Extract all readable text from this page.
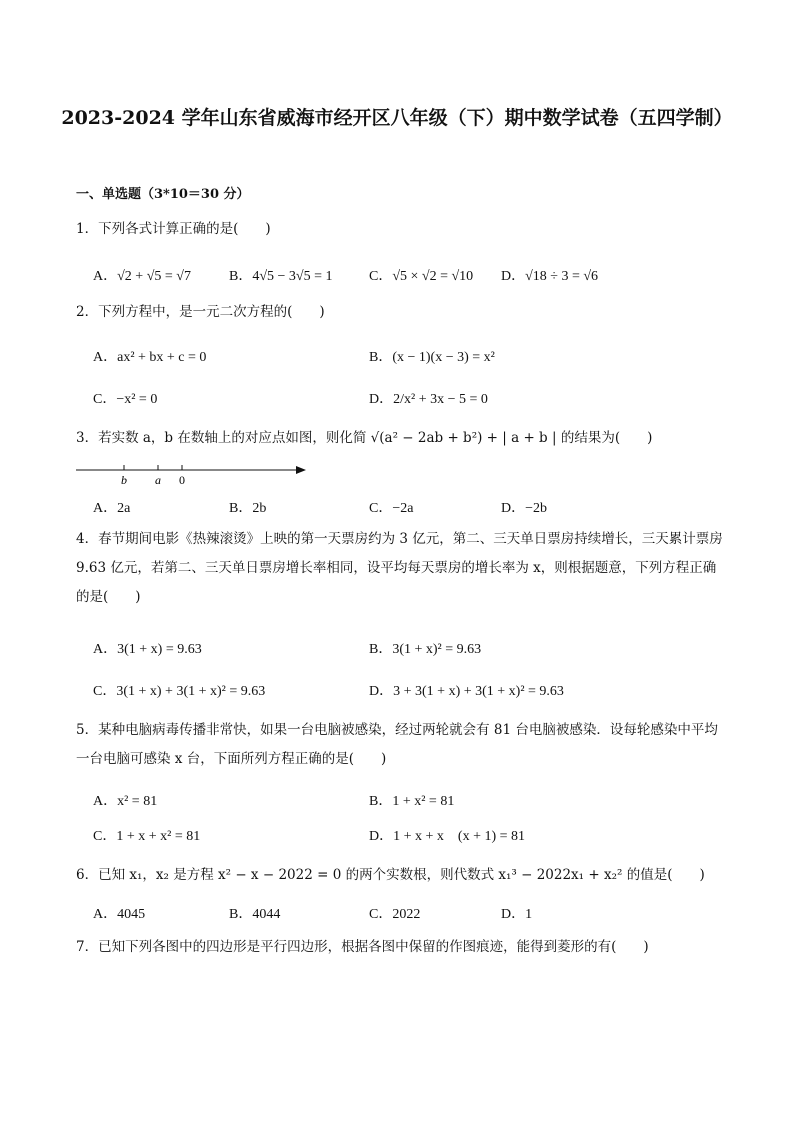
2023-2024 学年山东省威海市经开区八年级（下）期中数学试卷（五四学制）
一、单选题（3*10＝30 分）
1．下列各式计算正确的是(　　)
A．√2 + √5 = √7	B．4√5 − 3√5 = 1	C．√5 × √2 = √10 D．√18 ÷ 3 = √6
2．下列方程中，是一元二次方程的(　　)
A．ax² + bx + c = 0	B．(x − 1)(x − 3) = x²
C．−x² = 0	D．2/x² + 3x − 5 = 0
3．若实数 a，b 在数轴上的对应点如图，则化简 √(a² − 2ab + b²) + | a + b | 的结果为(　　)
b a 0
A．2a	B．2b	C．−2a	D．−2b
4．春节期间电影《热辣滚烫》上映的第一天票房约为 3 亿元，第二、三天单日票房持续增长，三天累计票房 9.63 亿元，若第二、三天单日票房增长率相同，设平均每天票房的增长率为 x，则根据题意，下列方程正确的是(　　)
A．3(1 + x) = 9.63	B．3(1 + x)² = 9.63
C．3(1 + x) + 3(1 + x)² = 9.63	D．3 + 3(1 + x) + 3(1 + x)² = 9.63
5．某种电脑病毒传播非常快，如果一台电脑被感染，经过两轮就会有 81 台电脑被感染．设每轮感染中平均一台电脑可感染 x 台，下面所列方程正确的是(　　)
A．x² = 81	B．1 + x² = 81
C．1 + x + x² = 81	D．1 + x + x　(x + 1) = 81
6．已知 x₁，x₂ 是方程 x² − x − 2022 = 0 的两个实数根，则代数式 x₁³ − 2022x₁ + x₂² 的值是(　　)
A．4045	B．4044	C．2022	D．1
7．已知下列各图中的四边形是平行四边形，根据各图中保留的作图痕迹，能得到菱形的有(　　)
